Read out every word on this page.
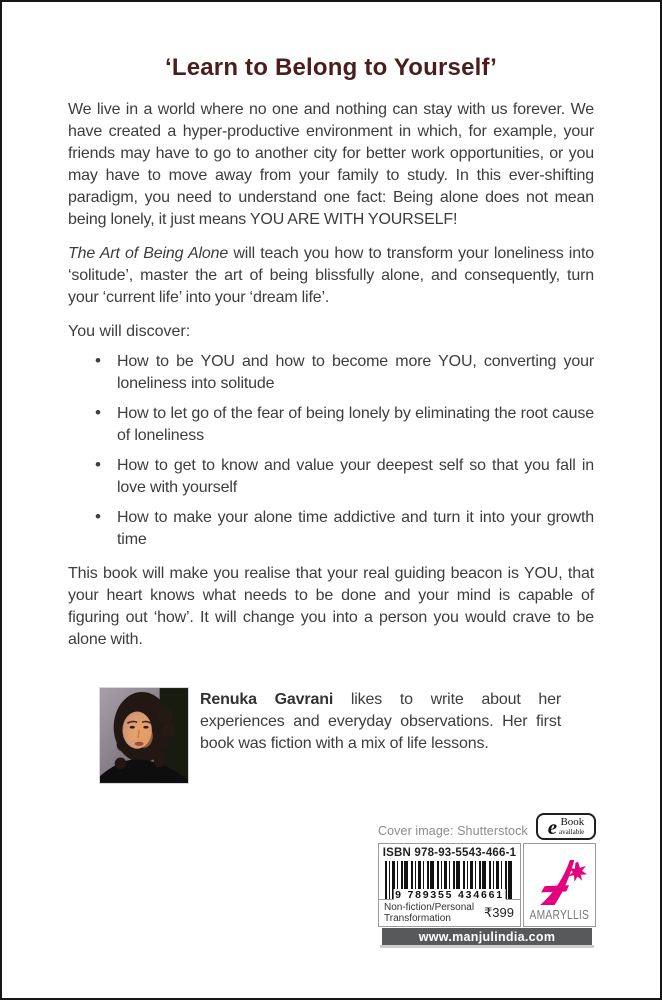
‘Learn to Belong to Yourself’

We live in a world where no one and nothing can stay with us forever. We have created a hyper-productive environment in which, for example, your friends may have to go to another city for better work opportunities, or you may have to move away from your family to study. In this ever-shifting paradigm, you need to understand one fact: Being alone does not mean being lonely, it just means YOU ARE WITH YOURSELF!

The Art of Being Alone will teach you how to transform your loneliness into ‘solitude’, master the art of being blissfully alone, and consequently, turn your ‘current life’ into your ‘dream life’.

You will discover:
•
How to be YOU and how to become more YOU, converting your loneliness into solitude
•
How to let go of the fear of being lonely by eliminating the root cause of loneliness
•
How to get to know and value your deepest self so that you fall in love with yourself
•
How to make your alone time addictive and turn it into your growth time

This book will make you realise that your real guiding beacon is YOU, that your heart knows what needs to be done and your mind is capable of figuring out ‘how’. It will change you into a person you would crave to be alone with.

Renuka Gavrani likes to write about her experiences and everyday observations. Her first book was fiction with a mix of life lessons.
Cover image: Shutterstock e Book
available
ISBN 978-93-5543-466-1
9 789355 434661
Non-fiction/Personal
Transformation	₹399 AMARYLLIS
www.manjulindia.com
